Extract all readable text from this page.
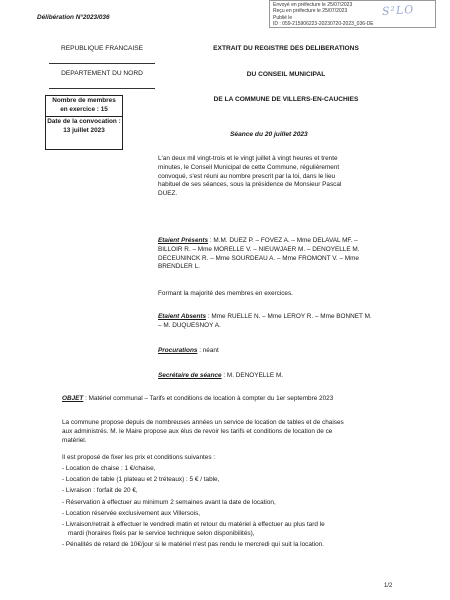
Délibération N°2023/036
Envoyé en préfecture le 25/07/2023
Reçu en préfecture le 25/07/2023
Publié le
ID : 059-215906223-20230720-2023_036-DE
S²LO
REPUBLIQUE FRANCAISE
DEPARTEMENT DU NORD
Nombre de membres
en exercice : 15
Date de la convocation :
13 juillet 2023
EXTRAIT DU REGISTRE DES DELIBERATIONS
DU CONSEIL MUNICIPAL
DE LA COMMUNE DE VILLERS-EN-CAUCHIES
Séance du 20 juillet 2023
L'an deux mil vingt-trois et le vingt juillet à vingt heures et trente
minutes, le Conseil Municipal de cette Commune, régulièrement
convoqué, s'est réuni au nombre prescrit par la loi, dans le lieu
habituel de ses séances, sous la présidence de Monsieur Pascal
DUEZ.
Etaient Présents : M.M. DUEZ P. – FOVEZ A. – Mme DELAVAL MF. –
BILLOIR R. – Mme MORELLE V. – NIEUWJAER M. – DENOYELLE M.
DECEUNINCK R. – Mme SOURDEAU A. – Mme FROMONT V. – Mme
BRENDLER L.
Formant la majorité des membres en exercices.
Etaient Absents : Mme RUELLE N. – Mme LEROY R. – Mme BONNET M.
– M. DUQUESNOY A.
Procurations : néant
Secrétaire de séance : M. DENOYELLE M.
OBJET : Matériel communal – Tarifs et conditions de location à compter du 1er septembre 2023
La commune propose depuis de nombreuses années un service de location de tables et de chaises
aux administrés. M. le Maire propose aux élus de revoir les tarifs et conditions de location de ce
matériel.
Il est proposé de fixer les prix et conditions suivantes :
- Location de chaise : 1 €/chaise,
- Location de table (1 plateau et 2 tréteaux) : 5 € / table,
- Livraison : forfait de 20 €,
- Réservation à effectuer au minimum 2 semaines avant la date de location,
- Location réservée exclusivement aux Villersois,
- Livraison/retrait à effectuer le vendredi matin et retour du matériel à effectuer au plus tard le
mardi (horaires fixés par le service technique selon disponibilités),
- Pénalités de retard de 10€/jour si le matériel n'est pas rendu le mercredi qui suit la location.
1/2
